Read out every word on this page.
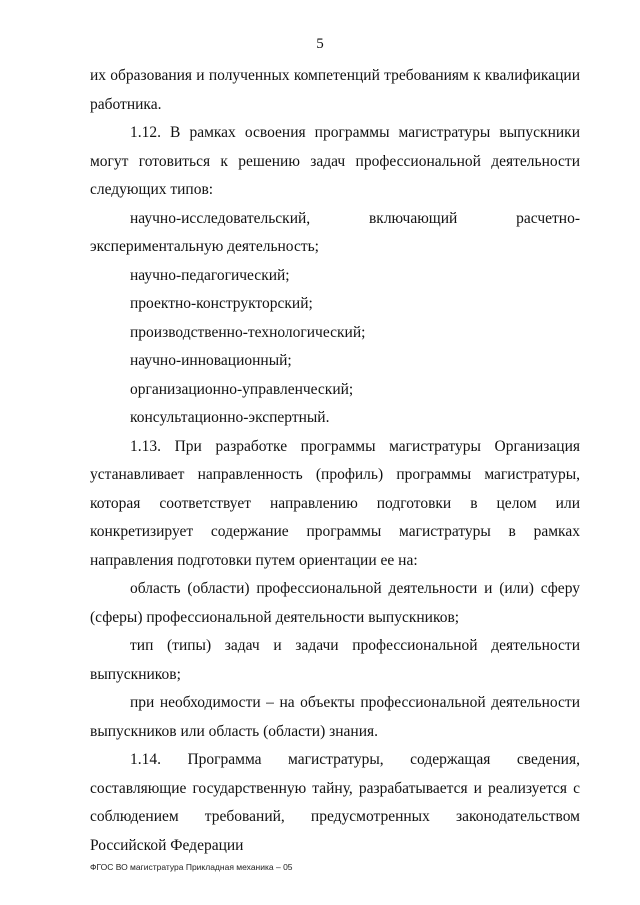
5

их образования и полученных компетенций требованиям к квалификации работника.

1.12. В рамках освоения программы магистратуры выпускники могут готовиться к решению задач профессиональной деятельности следующих типов:

научно-исследовательский, включающий расчетно-экспериментальную деятельность;

научно-педагогический;

проектно-конструкторский;

производственно-технологический;

научно-инновационный;

организационно-управленческий;

консультационно-экспертный.

1.13. При разработке программы магистратуры Организация устанавливает направленность (профиль) программы магистратуры, которая соответствует направлению подготовки в целом или конкретизирует содержание программы магистратуры в рамках направления подготовки путем ориентации ее на:

область (области) профессиональной деятельности и (или) сферу (сферы) профессиональной деятельности выпускников;

тип (типы) задач и задачи профессиональной деятельности выпускников;

при необходимости – на объекты профессиональной деятельности выпускников или область (области) знания.

1.14. Программа магистратуры, содержащая сведения, составляющие государственную тайну, разрабатывается и реализуется с соблюдением требований, предусмотренных законодательством Российской Федерации

ФГОС ВО магистратура Прикладная механика – 05
